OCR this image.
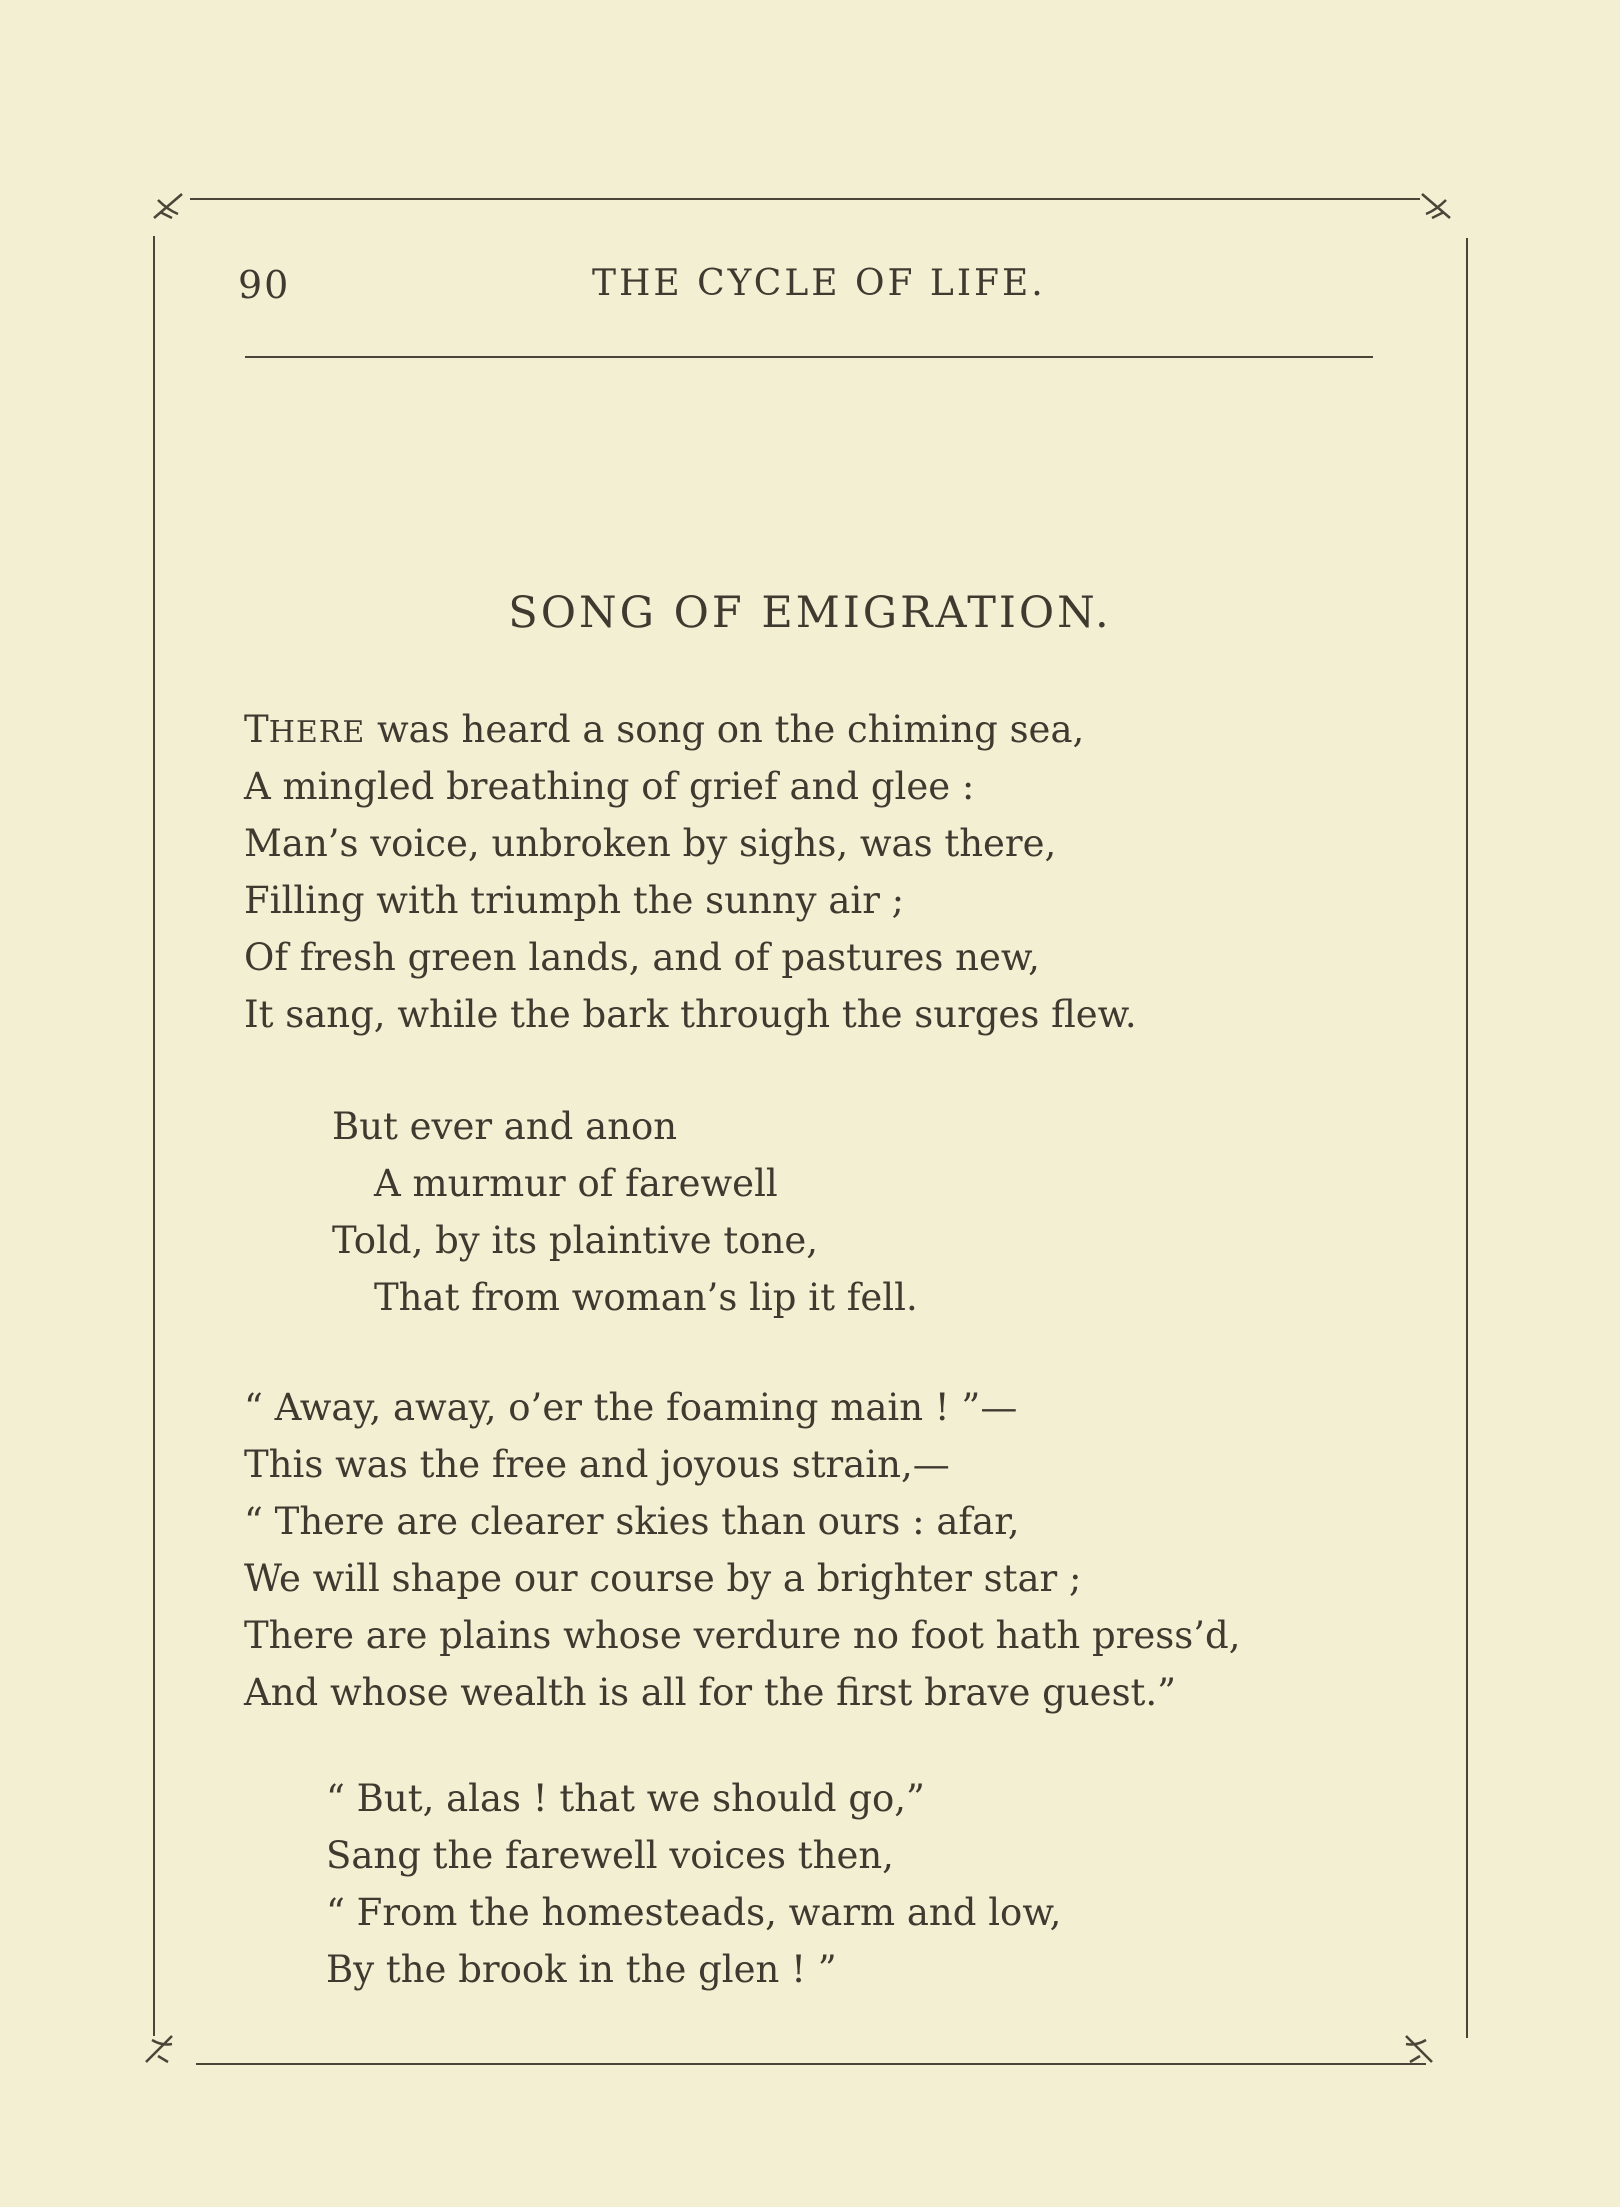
90	THE CYCLE OF LIFE.
SONG OF EMIGRATION.
THERE was heard a song on the chiming sea,
A mingled breathing of grief and glee :
Man’s voice, unbroken by sighs, was there,
Filling with triumph the sunny air ;
Of fresh green lands, and of pastures new,
It sang, while the bark through the surges flew.
But ever and anon
A murmur of farewell
Told, by its plaintive tone,
That from woman’s lip it fell.
“ Away, away, o’er the foaming main ! ”—
This was the free and joyous strain,—
“ There are clearer skies than ours : afar,
We will shape our course by a brighter star ;
There are plains whose verdure no foot hath press’d,
And whose wealth is all for the first brave guest.”
“ But, alas ! that we should go,”
Sang the farewell voices then,
“ From the homesteads, warm and low,
By the brook in the glen ! ”
